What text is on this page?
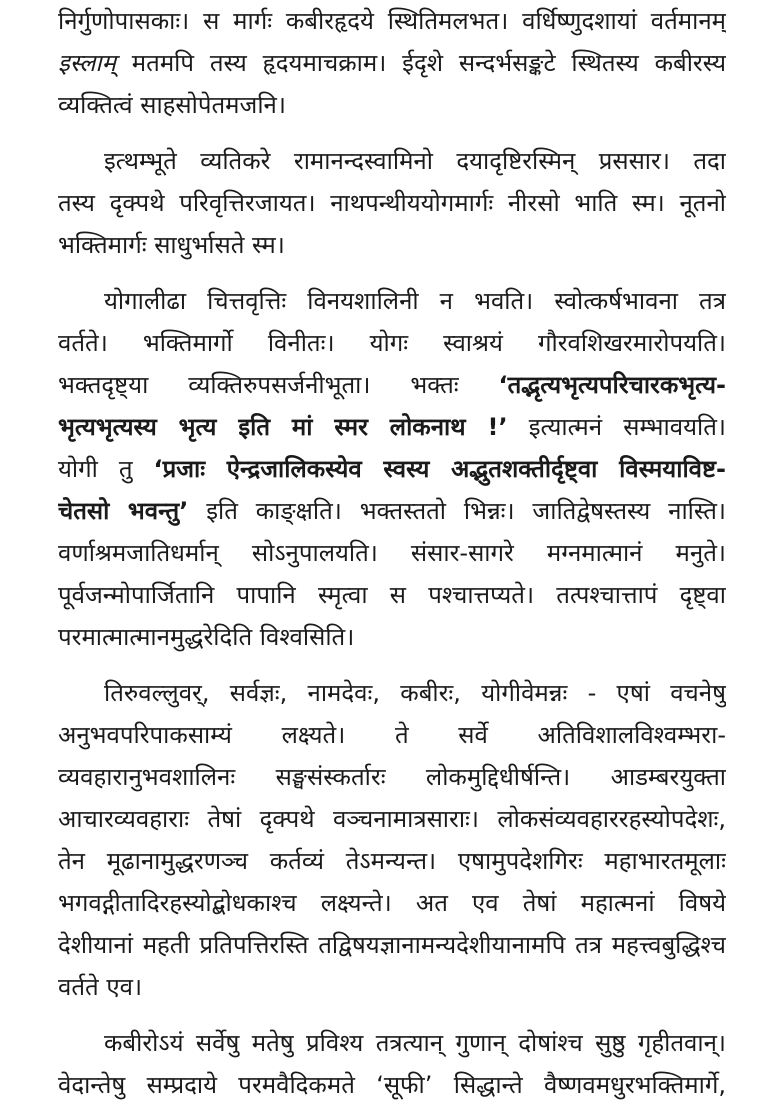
निर्गुणोपासकाः। स मार्गः कबीरहृदये स्थितिमलभत। वर्धिष्णुदशायां वर्तमानम्
इस्लाम् मतमपि तस्य हृदयमाचक्राम। ईदृशे सन्दर्भसङ्कटे स्थितस्य कबीरस्य
व्यक्तित्वं साहसोपेतमजनि।
इत्थम्भूते व्यतिकरे रामानन्दस्वामिनो दयादृष्टिरस्मिन् प्रससार। तदा
तस्य दृक्पथे परिवृत्तिरजायत। नाथपन्थीययोगमार्गः नीरसो भाति स्म। नूतनो
भक्तिमार्गः साधुर्भासते स्म।
योगालीढा चित्तवृत्तिः विनयशालिनी न भवति। स्वोत्कर्षभावना तत्र
वर्तते। भक्तिमार्गो विनीतः। योगः स्वाश्रयं गौरवशिखरमारोपयति।
भक्तदृष्ट्या व्यक्तिरुपसर्जनीभूता। भक्तः ‘तद्भृत्यभृत्यपरिचारकभृत्य-
भृत्यभृत्यस्य भृत्य इति मां स्मर लोकनाथ !’ इत्यात्मनं सम्भावयति।
योगी तु ‘प्रजाः ऐन्द्रजालिकस्येव स्वस्य अद्भुतशक्तीर्दृष्ट्वा विस्मयाविष्ट-
चेतसो भवन्तु’ इति काङ्क्षति। भक्तस्ततो भिन्नः। जातिद्वेषस्तस्य नास्ति।
वर्णाश्रमजातिधर्मान् सोऽनुपालयति। संसार-सागरे मग्नमात्मानं मनुते।
पूर्वजन्मोपार्जितानि पापानि स्मृत्वा स पश्चात्तप्यते। तत्पश्चात्तापं दृष्ट्वा
परमात्मात्मानमुद्धरेदिति विश्वसिति।
तिरुवल्लुवर्, सर्वज्ञः, नामदेवः, कबीरः, योगीवेमन्नः - एषां वचनेषु
अनुभवपरिपाकसाम्यं लक्ष्यते। ते सर्वे अतिविशालविश्वम्भरा-
व्यवहारानुभवशालिनः सङ्घसंस्कर्तारः लोकमुद्दिधीर्षन्ति। आडम्बरयुक्ता
आचारव्यवहाराः तेषां दृक्पथे वञ्चनामात्रसाराः। लोकसंव्यवहाररहस्योपदेशः,
तेन मूढानामुद्धरणञ्च कर्तव्यं तेऽमन्यन्त। एषामुपदेशगिरः महाभारतमूलाः
भगवद्गीतादिरहस्योद्बोधकाश्च लक्ष्यन्ते। अत एव तेषां महात्मनां विषये
देशीयानां महती प्रतिपत्तिरस्ति तद्विषयज्ञानामन्यदेशीयानामपि तत्र महत्त्वबुद्धिश्च
वर्तते एव।
कबीरोऽयं सर्वेषु मतेषु प्रविश्य तत्रत्यान् गुणान् दोषांश्च सुष्ठु गृहीतवान्।
वेदान्तेषु सम्प्रदाये परमवैदिकमते ‘सूफी’ सिद्धान्ते वैष्णवमधुरभक्तिमार्गे,
